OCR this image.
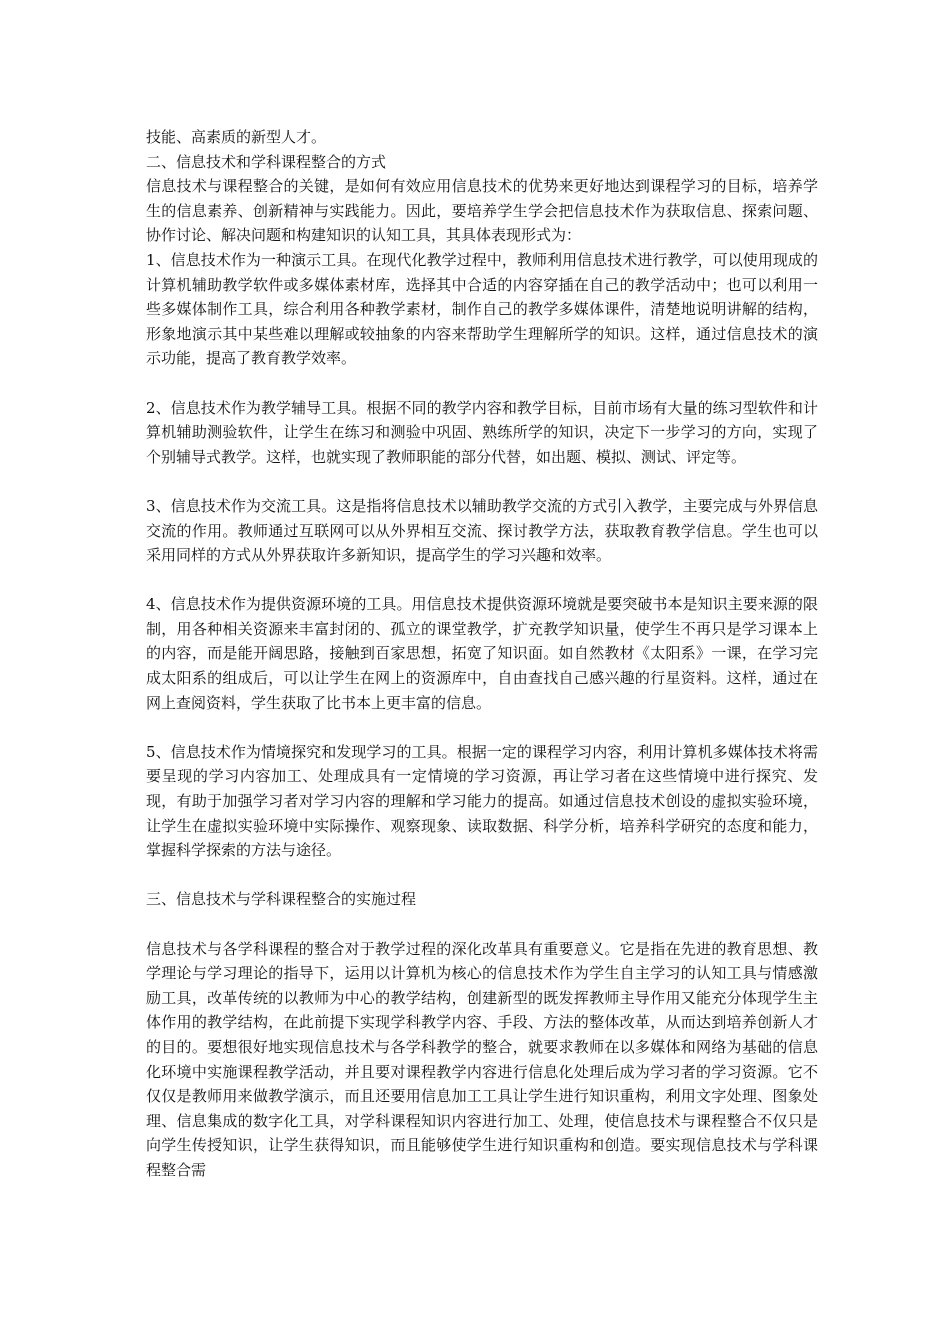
技能、高素质的新型人才。

二、信息技术和学科课程整合的方式

信息技术与课程整合的关键，是如何有效应用信息技术的优势来更好地达到课程学习的目标，培养学生的信息素养、创新精神与实践能力。因此，要培养学生学会把信息技术作为获取信息、探索问题、协作讨论、解决问题和构建知识的认知工具，其具体表现形式为：

1、信息技术作为一种演示工具。在现代化教学过程中，教师利用信息技术进行教学，可以使用现成的计算机辅助教学软件或多媒体素材库，选择其中合适的内容穿插在自己的教学活动中；也可以利用一些多媒体制作工具，综合利用各种教学素材，制作自己的教学多媒体课件，清楚地说明讲解的结构，形象地演示其中某些难以理解或较抽象的内容来帮助学生理解所学的知识。这样，通过信息技术的演示功能，提高了教育教学效率。

2、信息技术作为教学辅导工具。根据不同的教学内容和教学目标，目前市场有大量的练习型软件和计算机辅助测验软件，让学生在练习和测验中巩固、熟练所学的知识，决定下一步学习的方向，实现了个别辅导式教学。这样，也就实现了教师职能的部分代替，如出题、模拟、测试、评定等。

3、信息技术作为交流工具。这是指将信息技术以辅助教学交流的方式引入教学，主要完成与外界信息交流的作用。教师通过互联网可以从外界相互交流、探讨教学方法，获取教育教学信息。学生也可以采用同样的方式从外界获取许多新知识，提高学生的学习兴趣和效率。

4、信息技术作为提供资源环境的工具。用信息技术提供资源环境就是要突破书本是知识主要来源的限制，用各种相关资源来丰富封闭的、孤立的课堂教学，扩充教学知识量，使学生不再只是学习课本上的内容，而是能开阔思路，接触到百家思想，拓宽了知识面。如自然教材《太阳系》一课，在学习完成太阳系的组成后，可以让学生在网上的资源库中，自由查找自己感兴趣的行星资料。这样，通过在网上查阅资料，学生获取了比书本上更丰富的信息。

5、信息技术作为情境探究和发现学习的工具。根据一定的课程学习内容，利用计算机多媒体技术将需要呈现的学习内容加工、处理成具有一定情境的学习资源，再让学习者在这些情境中进行探究、发现，有助于加强学习者对学习内容的理解和学习能力的提高。如通过信息技术创设的虚拟实验环境，让学生在虚拟实验环境中实际操作、观察现象、读取数据、科学分析，培养科学研究的态度和能力，掌握科学探索的方法与途径。

三、信息技术与学科课程整合的实施过程

信息技术与各学科课程的整合对于教学过程的深化改革具有重要意义。它是指在先进的教育思想、教学理论与学习理论的指导下，运用以计算机为核心的信息技术作为学生自主学习的认知工具与情感激励工具，改革传统的以教师为中心的教学结构，创建新型的既发挥教师主导作用又能充分体现学生主体作用的教学结构，在此前提下实现学科教学内容、手段、方法的整体改革，从而达到培养创新人才的目的。要想很好地实现信息技术与各学科教学的整合，就要求教师在以多媒体和网络为基础的信息化环境中实施课程教学活动，并且要对课程教学内容进行信息化处理后成为学习者的学习资源。它不仅仅是教师用来做教学演示，而且还要用信息加工工具让学生进行知识重构，利用文字处理、图象处理、信息集成的数字化工具，对学科课程知识内容进行加工、处理，使信息技术与课程整合不仅只是向学生传授知识，让学生获得知识，而且能够使学生进行知识重构和创造。要实现信息技术与学科课程整合需
